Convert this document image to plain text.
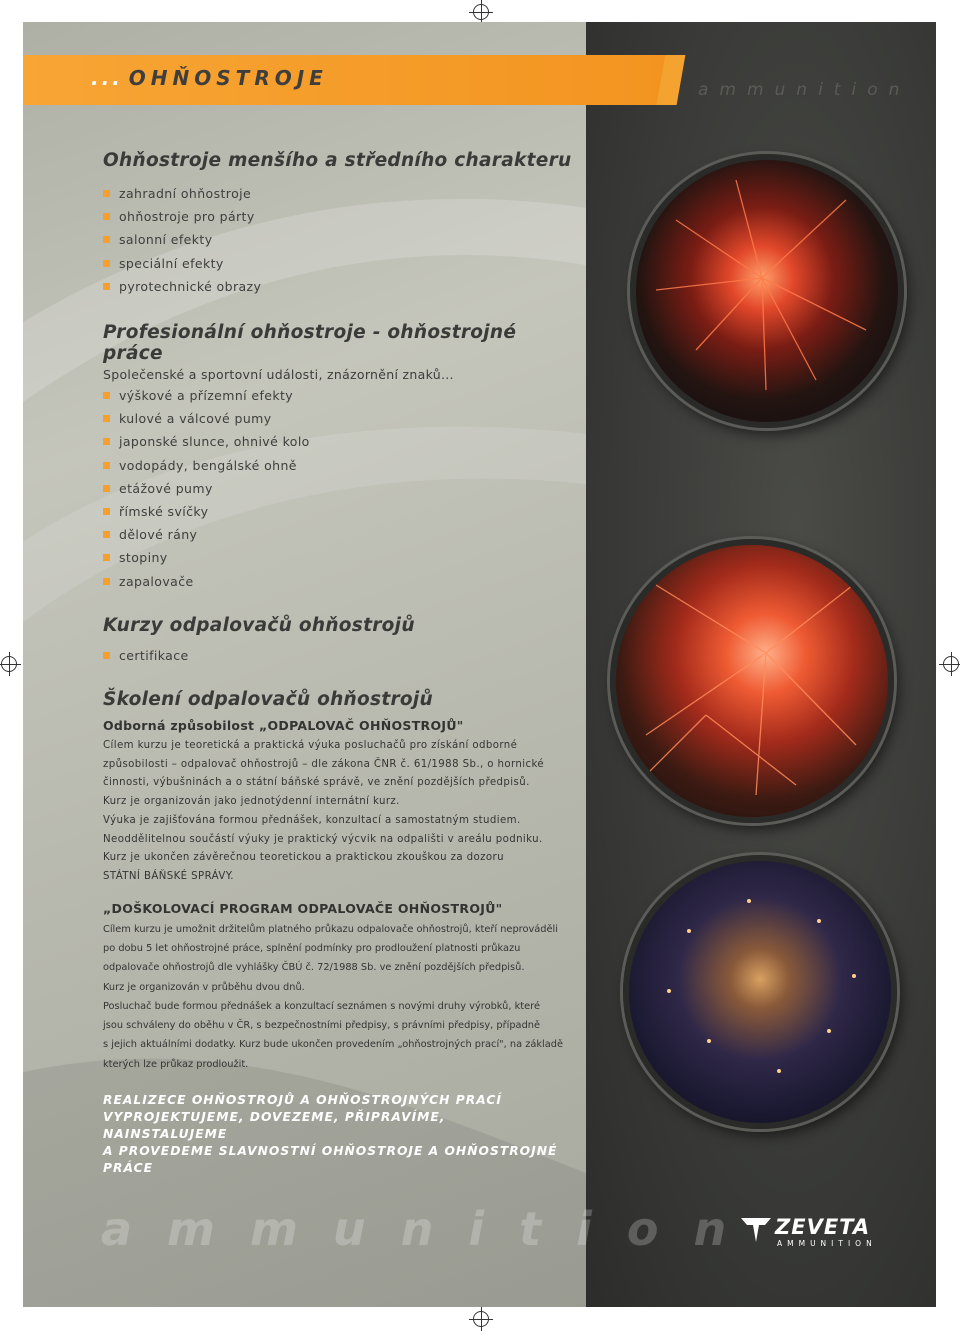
... OHŇOSTROJE	ammunition
Ohňostroje menšího a středního charakteru
zahradní ohňostroje
ohňostroje pro párty
salonní efekty
speciální efekty
pyrotechnické obrazy
Profesionální ohňostroje - ohňostrojné práce
Společenské a sportovní události, znázornění znaků...
výškové a přízemní efekty
kulové a válcové pumy
japonské slunce, ohnivé kolo
vodopády, bengálské ohně
etážové pumy
římské svíčky
dělové rány
stopiny
zapalovače
Kurzy odpalovačů ohňostrojů
certifikace
Školení odpalovačů ohňostrojů
Odborná způsobilost „ODPALOVAČ OHŇOSTROJŮ"
Cílem kurzu je teoretická a praktická výuka posluchačů pro získání odborné
způsobilosti – odpalovač ohňostrojů – dle zákona ČNR č. 61/1988 Sb., o hornické
činnosti, výbušninách a o státní báňské správě, ve znění pozdějších předpisů.
Kurz je organizován jako jednotýdenní internátní kurz.
Výuka je zajišťována formou přednášek, konzultací a samostatným studiem.
Neoddělitelnou součástí výuky je praktický výcvik na odpališti v areálu podniku.
Kurz je ukončen závěrečnou teoretickou a praktickou zkouškou za dozoru
STÁTNÍ BÁŇSKÉ SPRÁVY.
„DOŠKOLOVACÍ PROGRAM ODPALOVAČE OHŇOSTROJŮ"
Cílem kurzu je umožnit držitelům platného průkazu odpalovače ohňostrojů, kteří neprováděli
po dobu 5 let ohňostrojné práce, splnění podmínky pro prodloužení platnosti průkazu
odpalovače ohňostrojů dle vyhlášky ČBÚ č. 72/1988 Sb. ve znění pozdějších předpisů.
Kurz je organizován v průběhu dvou dnů.
Posluchač bude formou přednášek a konzultací seznámen s novými druhy výrobků, které
jsou schváleny do oběhu v ČR, s bezpečnostními předpisy, s právními předpisy, případně
s jejich aktuálními dodatky. Kurz bude ukončen provedením „ohňostrojných prací", na základě
kterých lze průkaz prodloužit.
REALIZECE OHŇOSTROJŮ A OHŇOSTROJNÝCH PRACÍ
VYPROJEKTUJEME, DOVEZEME, PŘIPRAVÍME, NAINSTALUJEME
A PROVEDEME SLAVNOSTNÍ OHŇOSTROJE A OHŇOSTROJNÉ PRÁCE
ammunition ZEVETA
AMMUNITION
